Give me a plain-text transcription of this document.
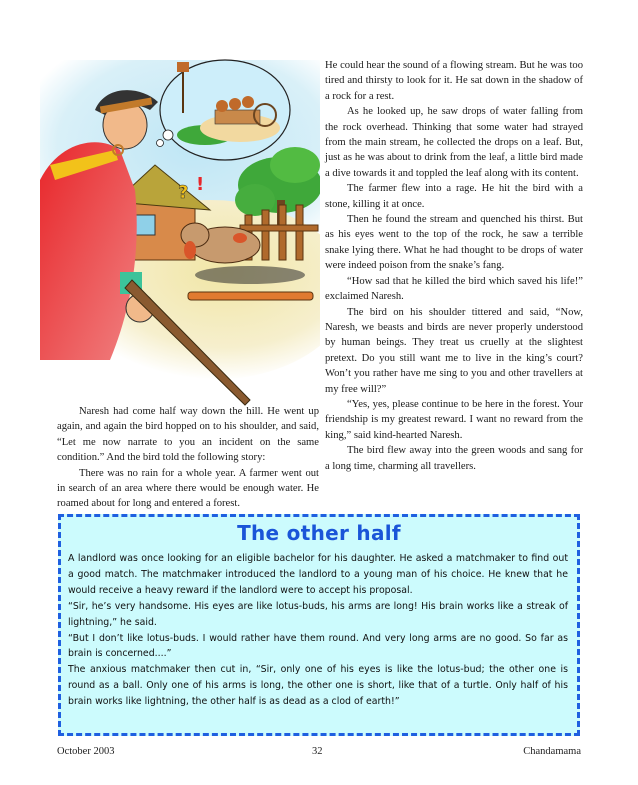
? !

Naresh had come half way down the hill. He went up again, and again the bird hopped on to his shoulder, and said, “Let me now narrate to you an incident on the same condition.” And the bird told the following story:

There was no rain for a whole year. A farmer went out in search of an area where there would be enough water. He roamed about for long and entered a forest.

He could hear the sound of a flowing stream. But he was too tired and thirsty to look for it. He sat down in the shadow of a rock for a rest.

As he looked up, he saw drops of water falling from the rock overhead. Thinking that some water had strayed from the main stream, he collected the drops on a leaf. But, just as he was about to drink from the leaf, a little bird made a dive towards it and toppled the leaf along with its content.

The farmer flew into a rage. He hit the bird with a stone, killing it at once.

Then he found the stream and quenched his thirst. But as his eyes went to the top of the rock, he saw a terrible snake lying there. What he had thought to be drops of water were indeed poison from the snake’s fang.

“How sad that he killed the bird which saved his life!” exclaimed Naresh.

The bird on his shoulder tittered and said, “Now, Naresh, we beasts and birds are never properly understood by human beings. They treat us cruelly at the slightest pretext. Do you still want me to live in the king’s court? Won’t you rather have me sing to you and other travellers at my free will?”

“Yes, yes, please continue to be here in the forest. Your friendship is my greatest reward. I want no reward from the king,” said kind-hearted Naresh.

The bird flew away into the green woods and sang for a long time, charming all travellers.

The other half

A landlord was once looking for an eligible bachelor for his daughter. He asked a matchmaker to find out a good match. The matchmaker introduced the landlord to a young man of his choice. He knew that he would receive a heavy reward if the landlord were to accept his proposal.

“Sir, he’s very handsome. His eyes are like lotus-buds, his arms are long! His brain works like a streak of lightning,” he said.

“But I don’t like lotus-buds. I would rather have them round. And very long arms are no good. So far as brain is concerned....”

The anxious matchmaker then cut in, “Sir, only one of his eyes is like the lotus-bud; the other one is round as a ball. Only one of his arms is long, the other one is short, like that of a turtle. Only half of his brain works like lightning, the other half is as dead as a clod of earth!”

October 2003	32	Chandamama
